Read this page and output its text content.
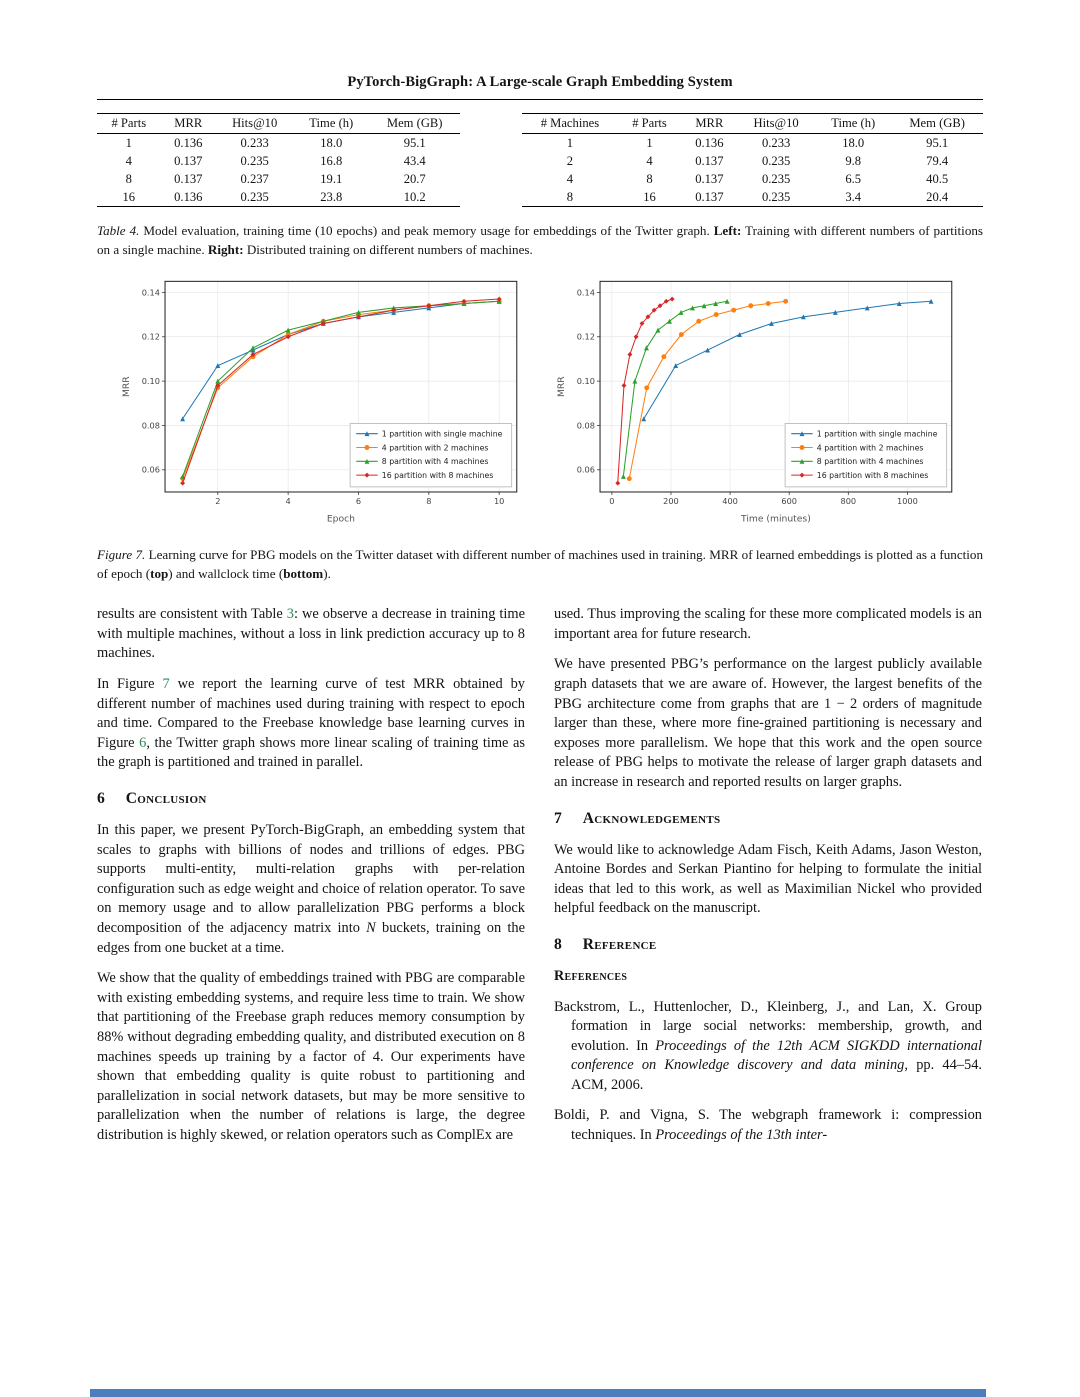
PyTorch-BigGraph: A Large-scale Graph Embedding System
# Parts	MRR	Hits@10	Time (h)	Mem (GB)
1	0.136	0.233	18.0	95.1
4	0.137	0.235	16.8	43.4
8	0.137	0.237	19.1	20.7
16	0.136	0.235	23.8	10.2
# Machines	# Parts	MRR	Hits@10	Time (h)	Mem (GB)
1	1	0.136	0.233	18.0	95.1
2	4	0.137	0.235	9.8	79.4
4	8	0.137	0.235	6.5	40.5
8	16	0.137	0.235	3.4	20.4

Table 4. Model evaluation, training time (10 epochs) and peak memory usage for embeddings of the Twitter graph. Left: Training with different numbers of partitions on a single machine. Right: Distributed training on different numbers of machines.

0.06
0.08
0.10
0.12
0.14
2	4	6	8	10
Epoch
MRR
1 partition with single machine
4 partition with 2 machines
8 partition with 4 machines
16 partition with 8 machines
0.06
0.08
0.10
0.12
0.14
0	200	400	600	800	1000
Time (minutes)
MRR
1 partition with single machine
4 partition with 2 machines
8 partition with 4 machines
16 partition with 8 machines

Figure 7. Learning curve for PBG models on the Twitter dataset with different number of machines used in training. MRR of learned embeddings is plotted as a function of epoch (top) and wallclock time (bottom).

results are consistent with Table 3: we observe a decrease in training time with multiple machines, without a loss in link prediction accuracy up to 8 machines.

In Figure 7 we report the learning curve of test MRR obtained by different number of machines used during training with respect to epoch and time. Compared to the Freebase knowledge base learning curves in Figure 6, the Twitter graph shows more linear scaling of training time as the graph is partitioned and trained in parallel.

6 Conclusion

In this paper, we present PyTorch-BigGraph, an embedding system that scales to graphs with billions of nodes and trillions of edges. PBG supports multi-entity, multi-relation graphs with per-relation configuration such as edge weight and choice of relation operator. To save on memory usage and to allow parallelization PBG performs a block decomposition of the adjacency matrix into N buckets, training on the edges from one bucket at a time.

We show that the quality of embeddings trained with PBG are comparable with existing embedding systems, and require less time to train. We show that partitioning of the Freebase graph reduces memory consumption by 88% without degrading embedding quality, and distributed execution on 8 machines speeds up training by a factor of 4. Our experiments have shown that embedding quality is quite robust to partitioning and parallelization in social network datasets, but may be more sensitive to parallelization when the number of relations is large, the degree distribution is highly skewed, or relation operators such as ComplEx are

used. Thus improving the scaling for these more complicated models is an important area for future research.

We have presented PBG’s performance on the largest publicly available graph datasets that we are aware of. However, the largest benefits of the PBG architecture come from graphs that are 1 − 2 orders of magnitude larger than these, where more fine-grained partitioning is necessary and exposes more parallelism. We hope that this work and the open source release of PBG helps to motivate the release of larger graph datasets and an increase in research and reported results on larger graphs.

7 Acknowledgements

We would like to acknowledge Adam Fisch, Keith Adams, Jason Weston, Antoine Bordes and Serkan Piantino for helping to formulate the initial ideas that led to this work, as well as Maximilian Nickel who provided helpful feedback on the manuscript.

8 Reference
References

Backstrom, L., Huttenlocher, D., Kleinberg, J., and Lan, X. Group formation in large social networks: membership, growth, and evolution. In Proceedings of the 12th ACM SIGKDD international conference on Knowledge discovery and data mining, pp. 44–54. ACM, 2006.

Boldi, P. and Vigna, S. The webgraph framework i: compression techniques. In Proceedings of the 13th inter-
